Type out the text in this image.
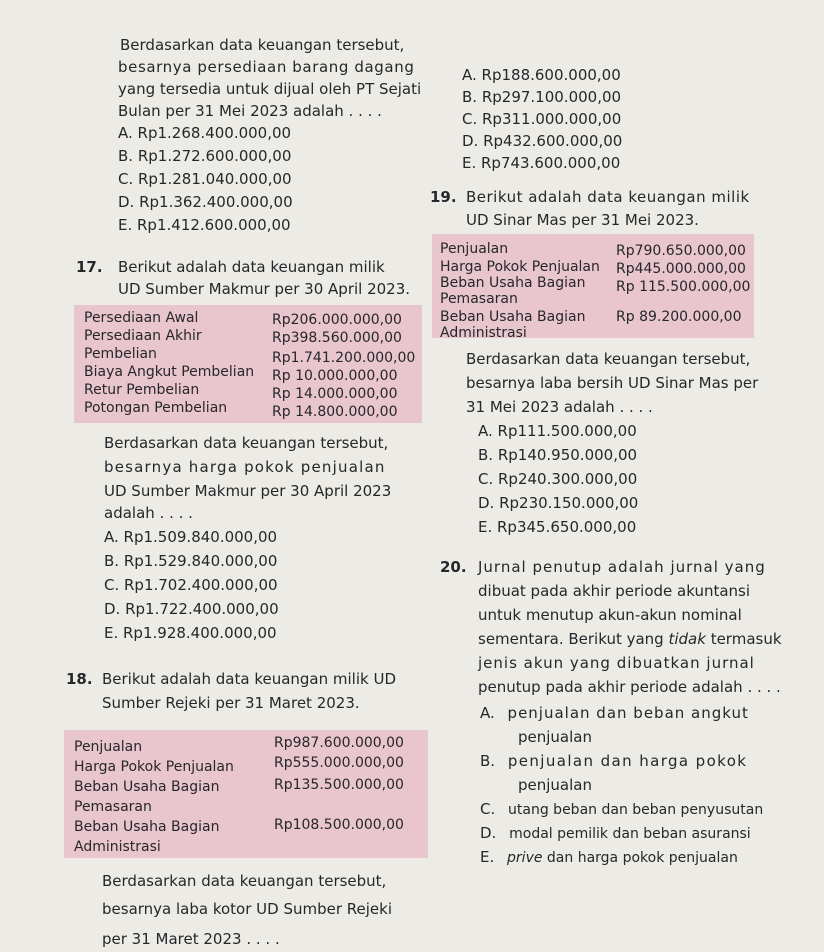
Berdasarkan data keuangan tersebut,
besarnya persediaan barang dagang
yang tersedia untuk dijual oleh PT Sejati
Bulan per 31 Mei 2023 adalah . . . .
A. Rp1.268.400.000,00
B. Rp1.272.600.000,00
C. Rp1.281.040.000,00
D. Rp1.362.400.000,00
E. Rp1.412.600.000,00
A. Rp188.600.000,00
B. Rp297.100.000,00
C. Rp311.000.000,00
D. Rp432.600.000,00
E. Rp743.600.000,00
17. Berikut adalah data keuangan milik
UD Sumber Makmur per 30 April 2023.
Persediaan Awal	Rp206.000.000,00
Persediaan Akhir	Rp398.560.000,00
Pembelian	Rp1.741.200.000,00
Biaya Angkut Pembelian Rp 10.000.000,00
Retur Pembelian	Rp 14.000.000,00
Potongan Pembelian	Rp 14.800.000,00
Berdasarkan data keuangan tersebut,
besarnya harga pokok penjualan
UD Sumber Makmur per 30 April 2023
adalah . . . .
A. Rp1.509.840.000,00
B. Rp1.529.840.000,00
C. Rp1.702.400.000,00
D. Rp1.722.400.000,00
E. Rp1.928.400.000,00
18. Berikut adalah data keuangan milik UD
Sumber Rejeki per 31 Maret 2023.
Penjualan	Rp987.600.000,00
Harga Pokok Penjualan	Rp555.000.000,00
Beban Usaha Bagian	Rp135.500.000,00
Pemasaran
Beban Usaha Bagian	Rp108.500.000,00
Administrasi
Berdasarkan data keuangan tersebut,
besarnya laba kotor UD Sumber Rejeki
per 31 Maret 2023 . . . .
19. Berikut adalah data keuangan milik
UD Sinar Mas per 31 Mei 2023.
Penjualan	Rp790.650.000,00
Harga Pokok Penjualan Rp445.000.000,00
Beban Usaha Bagian Rp 115.500.000,00
Pemasaran
Beban Usaha Bagian Rp 89.200.000,00
Administrasi
Berdasarkan data keuangan tersebut,
besarnya laba bersih UD Sinar Mas per
31 Mei 2023 adalah . . . .
A. Rp111.500.000,00
B. Rp140.950.000,00
C. Rp240.300.000,00
D. Rp230.150.000,00
E. Rp345.650.000,00
20. Jurnal penutup adalah jurnal yang
dibuat pada akhir periode akuntansi
untuk menutup akun-akun nominal
sementara. Berikut yang tidak termasuk
jenis akun yang dibuatkan jurnal
penutup pada akhir periode adalah . . . .
A. penjualan dan beban angkut
penjualan
B. penjualan dan harga pokok
penjualan
C. utang beban dan beban penyusutan
D. modal pemilik dan beban asuransi
E. prive dan harga pokok penjualan
